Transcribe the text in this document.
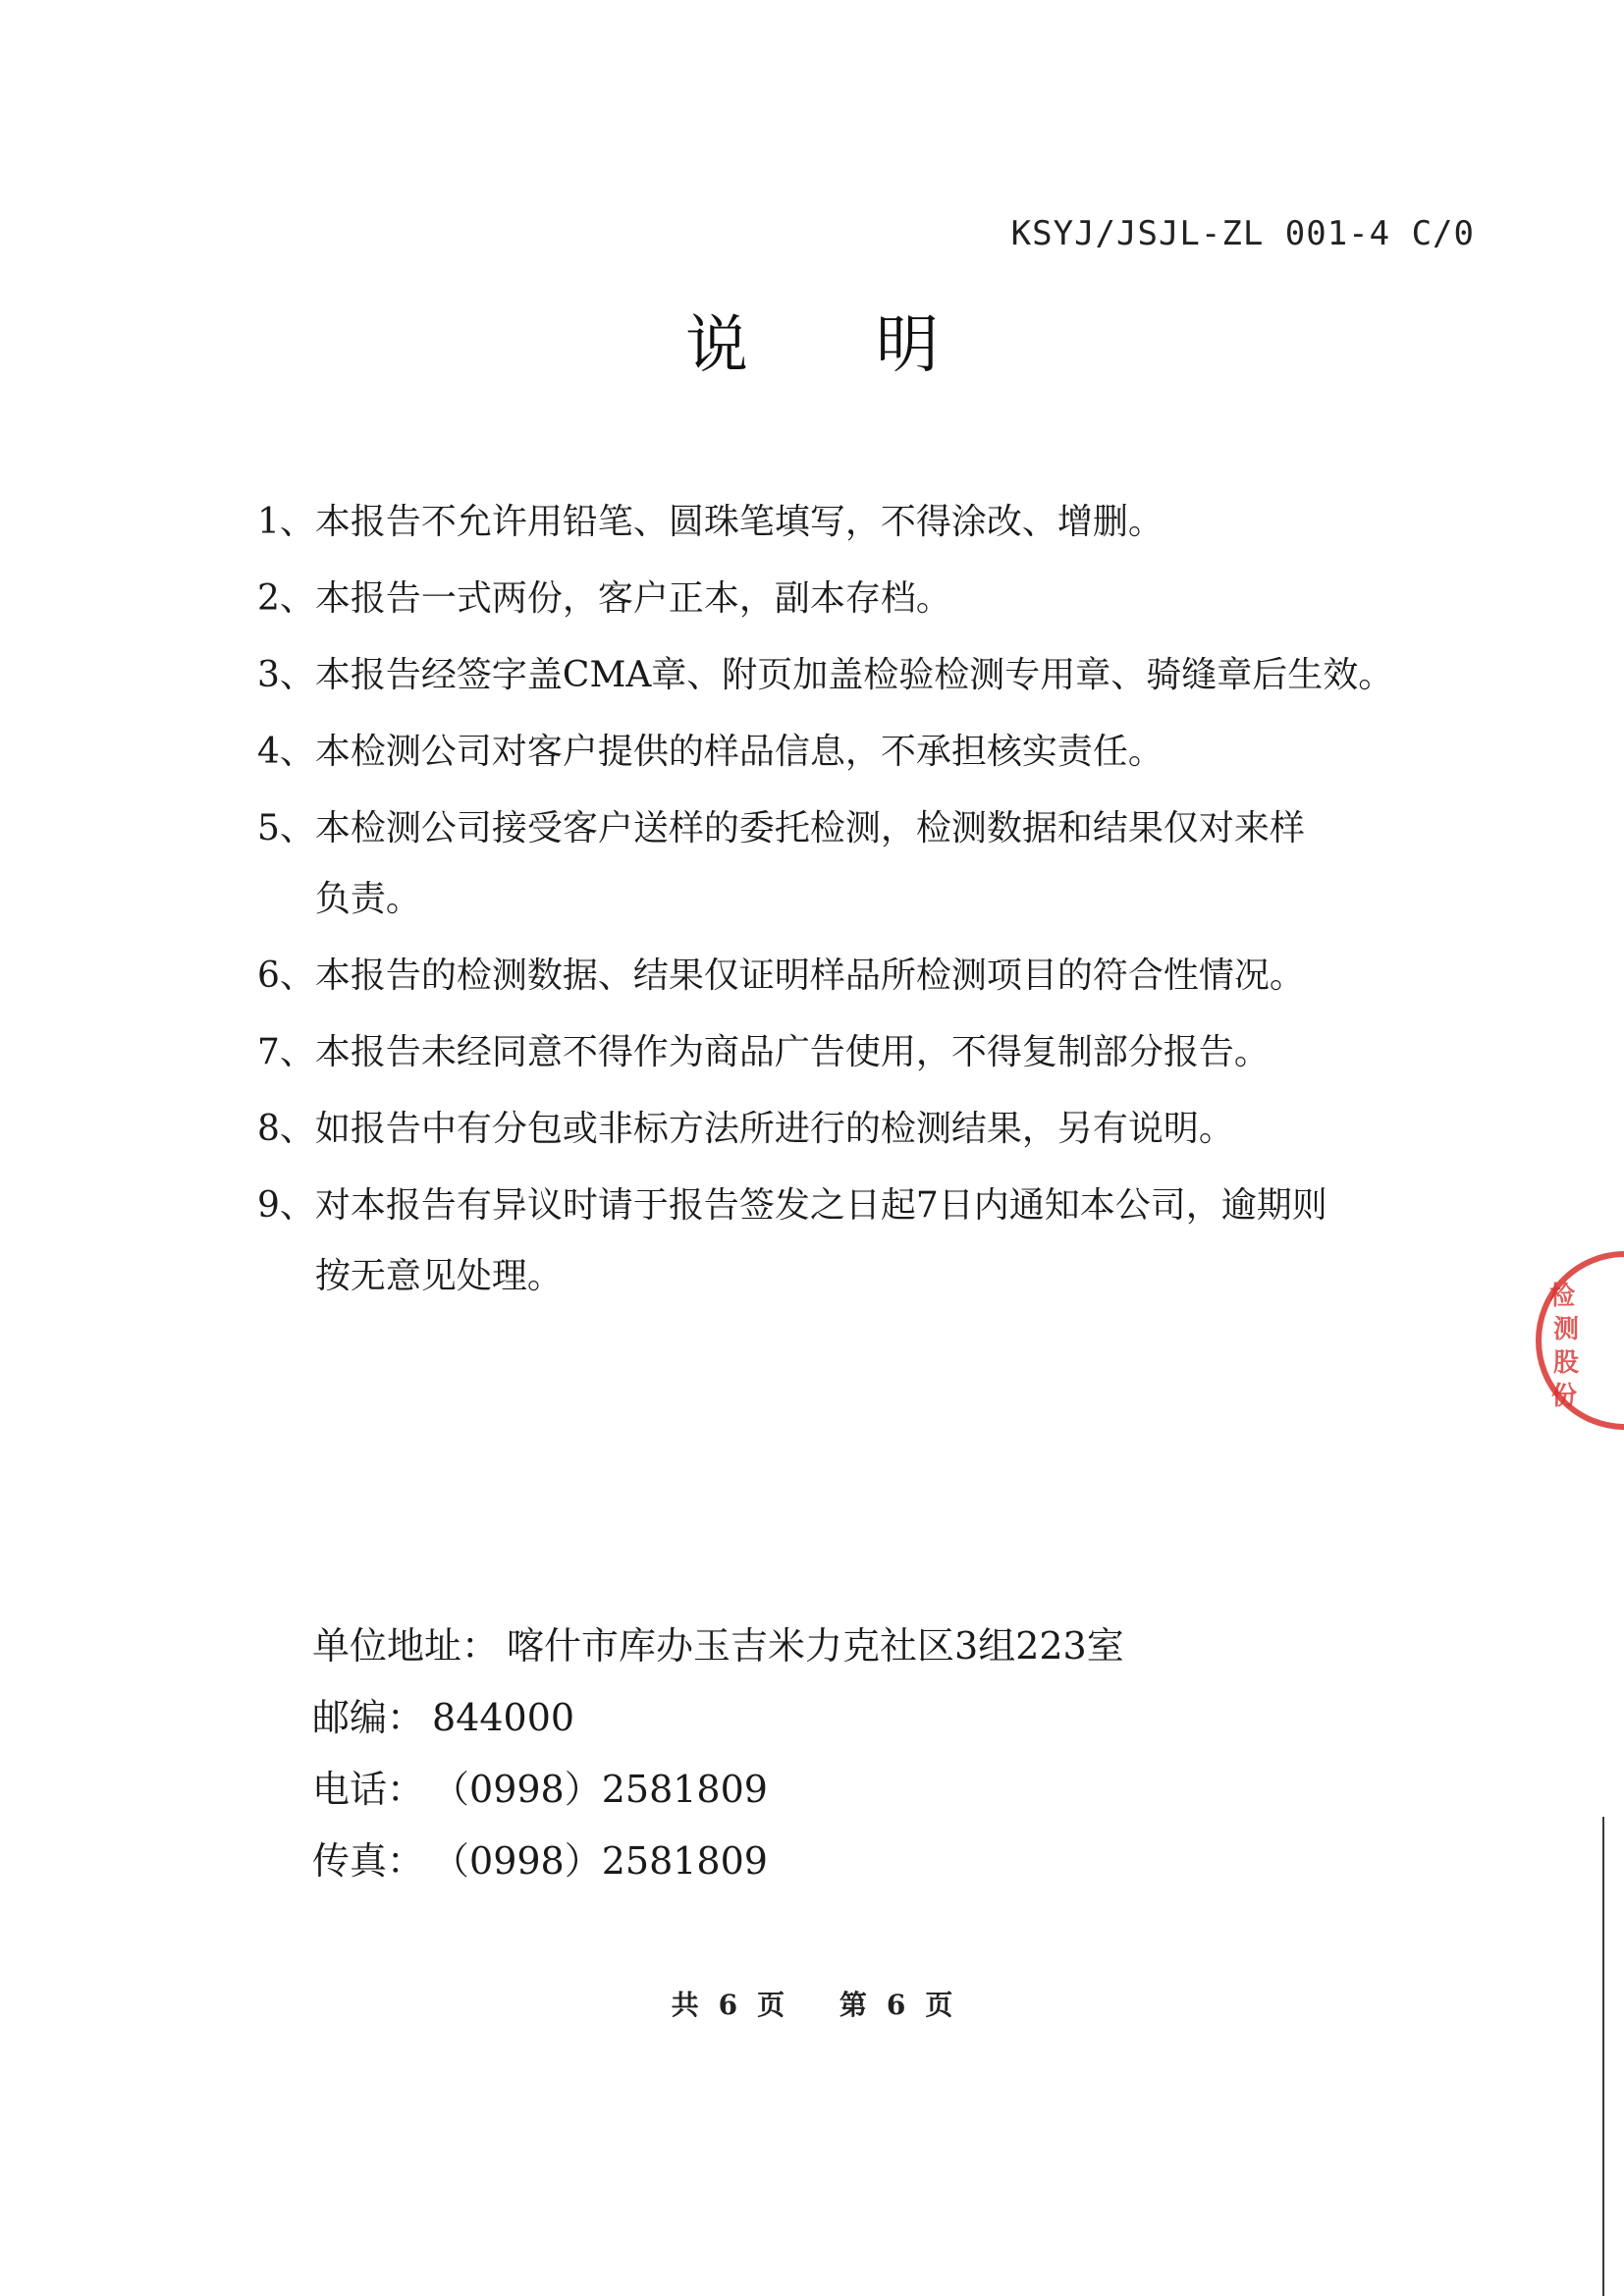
KSYJ/JSJL-ZL 001-4 C/0
说明
1、 本报告不允许用铅笔、圆珠笔填写，不得涂改、增删。

2、 本报告一式两份，客户正本，副本存档。

3、 本报告经签字盖CMA章、附页加盖检验检测专用章、骑缝章后生效。

4、 本检测公司对客户提供的样品信息，不承担核实责任。

5、 本检测公司接受客户送样的委托检测，检测数据和结果仅对来样
负责。
6、 本报告的检测数据、结果仅证明样品所检测项目的符合性情况。

7、 本报告未经同意不得作为商品广告使用，不得复制部分报告。

8、 如报告中有分包或非标方法所进行的检测结果，另有说明。

9、 对本报告有异议时请于报告签发之日起7日内通知本公司，逾期则
按无意见处理。
单位地址： 喀什市库办玉吉米力克社区3组223室
邮编： 844000
电话： （0998）2581809
传真： （0998）2581809
共 6 页 第 6 页
检
测
股
份
